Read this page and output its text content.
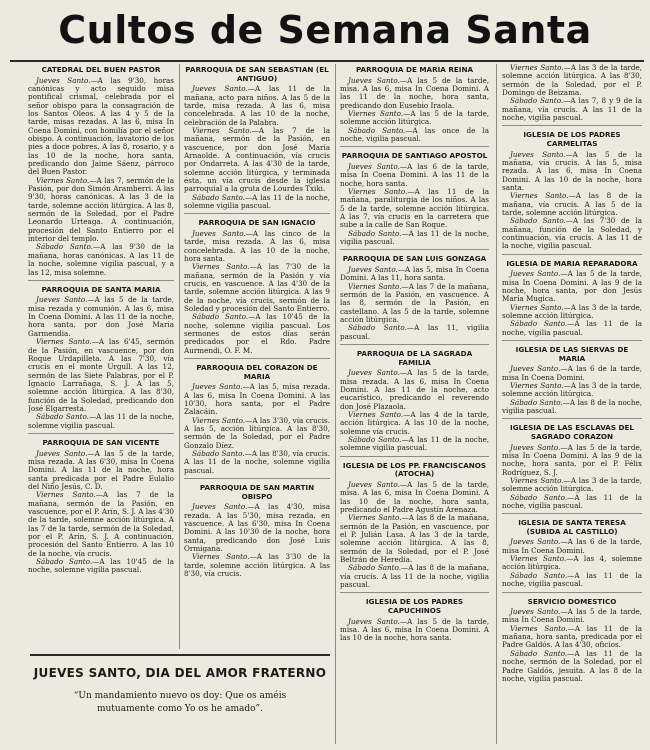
Cultos de Semana Santa
CATEDRAL DEL BUEN PASTOR

Jueves Santo.—A las 9'30, horas canónicas y acto seguido misa pontifical crismal, celebrada por el señor obispo para la consagración de los Santos Oleos. A las 4 y 5 de la tarde, misas rezadas. A las 6, misa In Coena Domini, con homilía por el señor obispo. A continuación, lavatorio de los pies a doce pobres. A las 8, rosario, y a las 10 de la noche, hora santa, predicando don Jaime Sáenz, párroco del Buen Pastor.

Viernes Santo.—A las 7, sermón de la Pasión, por don Simón Aramberri. A las 9'30, horas canónicas. A las 3 de la tarde, solemne acción litúrgica. A las 8, sermón de la Soledad, por el Padre Leonardo Urteaga. A continuación, procesión del Santo Entierro por el interior del templo.

Sábado Santo.—A las 9'30 de la mañana, horas canónicas. A las 11 de la noche, solemne vigilia pascual, y a las 12, misa solemne.

PARROQUIA DE SANTA MARIA

Jueves Santo.—A las 5 de la tarde, misa rezada y comunión. A las 6, misa In Coena Domini. A las 11 de la noche, hora santa, por don José María Garmendia.

Viernes Santo.—A las 6'45, sermón de la Pasión, en vascuence, por don Roque Urdapilleta. A las 7'30, vía crucis en el monte Urgull. A las 12, sermón de las Siete Palabras, por el P. Ignacio Larrañaga, S. J. A las 5, solemne acción litúrgica. A las 8'30, función de la Soledad, predicando don José Elgarresta.

Sábado Santo.—A las 11 de la noche, solemne vigilia pascual.

PARROQUIA DE SAN VICENTE

Jueves Santo.—A las 5 de la tarde, misa rezada. A las 6'30, misa In Coena Domini. A las 11 de la noche, hora santa predicada por el Padre Eulalio del Niño Jesús, C. D.

Viernes Santo.—A las 7 de la mañana, sermón de la Pasión, en vascuence, por el P. Arín, S. J. A las 4'30 de la tarde, solemne acción litúrgica. A las 7 de la tarde, sermón de la Soledad, por el P. Arín, S. J. A continuación, procesión del Santo Entierro. A las 10 de la noche, vía crucis.

Sábado Santo.—A las 10'45 de la noche, solemne vigilia pascual.

PARROQUIA DE SAN SEBASTIAN (EL ANTIGUO)

Jueves Santo.—A las 11 de la mañana, acto para niños. A las 5 de la tarde, misa rezada. A las 6, misa concelebrada. A las 10 de la noche, celebración de la Palabra.

Viernes Santo.—A las 7 de la mañana, sermón de la Pasión, en vascuence, por don José María Arnaolde. A continuación, vía crucis por Ondarreta. A las 4'30 de la tarde, solemne acción litúrgica, y terminada ésta, un vía crucis desde la iglesia parroquial a la gruta de Lourdes Txiki.

Sábado Santo.—A las 11 de la noche, solemne vigilia pascual.

PARROQUIA DE SAN IGNACIO

Jueves Santo.—A las cinco de la tarde, misa rezada. A las 6, misa concelebrada. A las 10 de la noche, hora santa.

Viernes Santo.—A las 7'30 de la mañana, sermón de la Pasión y vía crucis, en vascuence. A las 4'30 de la tarde, solemne acción litúrgica. A las 9 de la noche, vía crucis, sermón de la Soledad y procesión del Santo Entierro.

Sábado Santo.—A las 10'45 de la noche, solemne vigilia pascual. Los sermones de estos días serán predicados por el Rdo. Padre Aurmendi, O. F. M.

PARROQUIA DEL CORAZON DE MARIA

Jueves Santo.—A las 5, misa rezada. A las 6, misa In Coena Domini. A las 10'30, hora santa, por el Padre Zalacáin.

Viernes Santo.—A las 3'30, vía crucis. A las 5, acción litúrgica. A las 8'30, sermón de la Soledad, por el Padre Gonzalo Díez.

Sábado Santo.—A las 8'30, vía crucis. A las 11 de la noche, solemne vigilia pascual.

PARROQUIA DE SAN MARTIN OBISPO

Jueves Santo.—A las 4'30, misa rezada. A las 5'30, misa rezada, en vascuence. A las 6'30, misa In Coena Domini. A las 10'30 de la noche, hora santa, predicando don José Luis Ormigana.

Viernes Santo.—A las 3'30 de la tarde, solemne acción litúrgica. A las 8'30, vía crucis.

PARROQUIA DE MARIA REINA

Jueves Santo.—A las 5 de la tarde, misa. A las 6, misa In Coena Domini. A las 11 de la noche, hora santa, predicando don Eusebio Iraola.

Viernes Santo.—A las 5 de la tarde, solemne acción litúrgica.

Sábado Santo.—A las once de la noche, vigilia pascual.

PARROQUIA DE SANTIAGO APOSTOL

Jueves Santo.—A las 6 de la tarde, misa In Coena Domini. A las 11 de la noche, hora santa.

Viernes Santo.—A las 11 de la mañana, paraliturgia de los niños. A las 5 de la tarde, solemne acción litúrgica. A las 7, vía crucis en la carretera que sube a la calle de San Roque.

Sábado Santo.—A las 11 de la noche, vigilia pascual.

PARROQUIA DE SAN LUIS GONZAGA

Jueves Santo.—A las 5, misa In Coena Domini. A las 11, hora santa.

Viernes Santo.—A las 7 de la mañana, sermón de la Pasión, en vascuence. A las 8, sermón de la Pasión, en castellano. A las 5 de la tarde, solemne acción litúrgica.

Sábado Santo.—A las 11, vigilia pascual.

PARROQUIA DE LA SAGRADA FAMILIA

Jueves Santo.—A las 5 de la tarde, misa rezada. A las 6, misa In Coena Domini. A las 11 de la noche, acto eucarístico, predicando el reverendo don José Plazaola.

Viernes Santo.—A las 4 de la tarde, acción litúrgica. A las 10 de la noche, solemne vía crucis.

Sábado Santo.—A las 11 de la noche, solemne vigilia pascual.

IGLESIA DE LOS PP. FRANCISCANOS (ATOCHA)

Jueves Santo.—A las 5 de la tarde, misa. A las 6, misa In Coena Domini. A las 10 de la noche, hora santa, predicando el Padre Agustín Arenaza.

Viernes Santo.—A las 8 de la mañana, sermón de la Pasión, en vascuence, por el P. Julián Lasa. A las 3 de la tarde, solemne acción litúrgica. A las 8, sermón de la Soledad, por el P. José Beltrán de Heredia.

Sábado Santo.—A las 8 de la mañana, vía crucis. A las 11 de la noche, vigilia pascual.

IGLESIA DE LOS PADRES CAPUCHINOS

Jueves Santo.—A las 5 de la tarde, misa. A las 6, misa In Coena Domini. A las 10 de la noche, hora santa.

Viernes Santo.—A las 3 de la tarde, solemne acción litúrgica. A las 8'30, sermón de la Soledad, por el P. Domingo de Beizama.

Sábado Santo.—A las 7, 8 y 9 de la mañana, vía crucis. A las 11 de la noche, vigilia pascual.

IGLESIA DE LOS PADRES CARMELITAS

Jueves Santo.—A las 5 de la mañana, vía crucis. A las 5, misa rezada. A las 6, misa In Coena Domini. A las 10 de la noche, hora santa.

Viernes Santo.—A las 8 de la mañana, vía crucis. A las 5 de la tarde, solemne acción litúrgica.

Sábado Santo.—A las 7'30 de la mañana, función de la Soledad, y continuación, vía crucis. A las 11 de la noche, vigilia pascual.

IGLESIA DE MARIA REPARADORA

Jueves Santo.—A las 5 de la tarde, misa In Coena Domini. A las 9 de la noche, hora santa, por don Jesús María Mugica.

Viernes Santo.—A las 3 de la tarde, solemne acción litúrgica.

Sábado Santo.—A las 11 de la noche, vigilia pascual.

IGLESIA DE LAS SIERVAS DE MARIA

Jueves Santo.—A las 6 de la tarde, misa In Coena Domini.

Viernes Santo.—A las 3 de la tarde, solemne acción litúrgica.

Sábado Santo.—A las 8 de la noche, vigilia pascual.

IGLESIA DE LAS ESCLAVAS DEL SAGRADO CORAZON

Jueves Santo.—A las 5 de la tarde, misa In Coena Domini. A las 9 de la noche, hora santa, por el P. Félix Rodríguez, S. J.

Viernes Santo.—A las 3 de la tarde, solemne acción litúrgica.

Sábado Santo.—A las 11 de la noche, vigilia pascual.

IGLESIA DE SANTA TERESA (SUBIDA AL CASTILLO)

Jueves Santo.—A las 6 de la tarde, misa In Coena Domini.

Viernes Santo.—A las 4, solemne acción litúrgica.

Sábado Santo.—A las 11 de la noche, vigilia pascual.

SERVICIO DOMESTICO

Jueves Santo.—A las 5 de la tarde, misa In Coena Domini.

Viernes Santo.—A las 11 de la mañana, hora santa, predicada por el Padre Galdós. A las 4'30, oficios.

Sábado Santo.—A las 11 de la noche, sermón de la Soledad, por el Padre Galdós, jesuita. A las 8 de la noche, vigilia pascual.

JUEVES SANTO, DIA DEL AMOR FRATERNO
“Un mandamiento nuevo os doy: Que os améis mutuamente como Yo os he amado”.
